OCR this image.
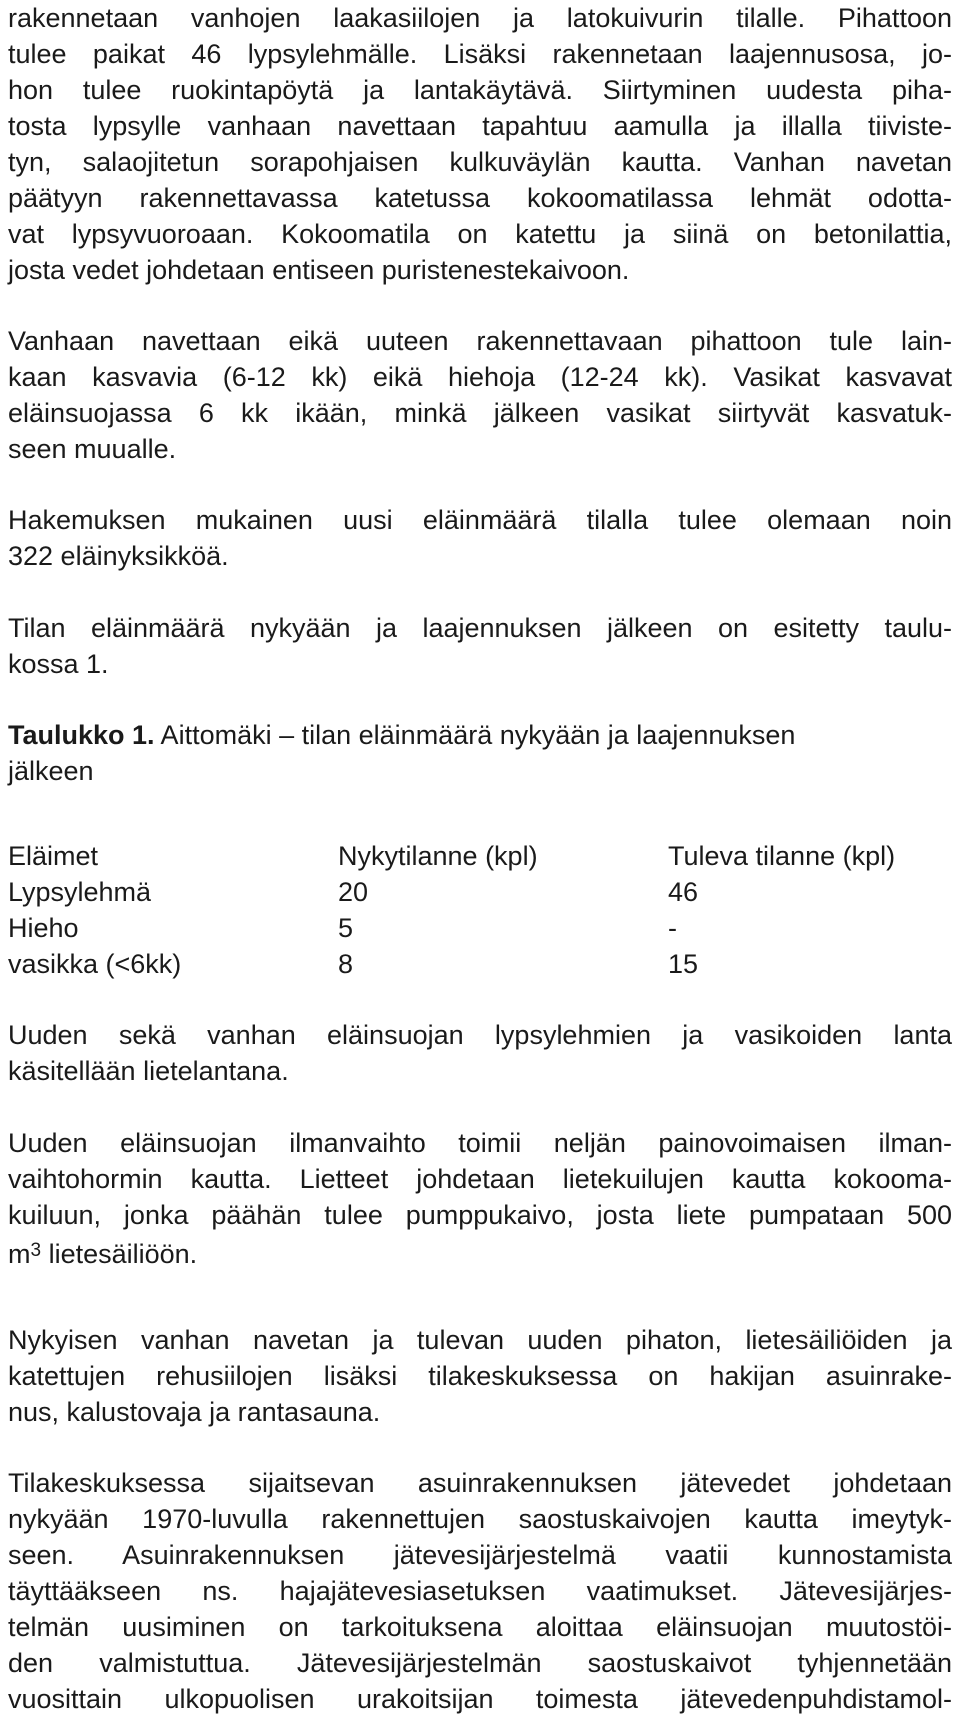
rakennetaan vanhojen laakasiilojen ja latokuivurin tilalle. Pihattoon
tulee paikat 46 lypsylehmälle. Lisäksi rakennetaan laajennusosa, jo-
hon tulee ruokintapöytä ja lantakäytävä. Siirtyminen uudesta piha-
tosta lypsylle vanhaan navettaan tapahtuu aamulla ja illalla tiiviste-
tyn, salaojitetun sorapohjaisen kulkuväylän kautta. Vanhan navetan
päätyyn rakennettavassa katetussa kokoomatilassa lehmät odotta-
vat lypsyvuoroaan. Kokoomatila on katettu ja siinä on betonilattia,
josta vedet johdetaan entiseen puristenestekaivoon.
Vanhaan navettaan eikä uuteen rakennettavaan pihattoon tule lain-
kaan kasvavia (6-12 kk) eikä hiehoja (12-24 kk). Vasikat kasvavat
eläinsuojassa 6 kk ikään, minkä jälkeen vasikat siirtyvät kasvatuk-
seen muualle.
Hakemuksen mukainen uusi eläinmäärä tilalla tulee olemaan noin
322 eläinyksikköä.
Tilan eläinmäärä nykyään ja laajennuksen jälkeen on esitetty taulu-
kossa 1.
Taulukko 1. Aittomäki – tilan eläinmäärä nykyään ja laajennuksen
jälkeen
Eläimet	Nykytilanne (kpl)	Tuleva tilanne (kpl)
Lypsylehmä	20	46
Hieho	5	-
vasikka (<6kk)	8	15
Uuden sekä vanhan eläinsuojan lypsylehmien ja vasikoiden lanta
käsitellään lietelantana.
Uuden eläinsuojan ilmanvaihto toimii neljän painovoimaisen ilman-
vaihtohormin kautta. Lietteet johdetaan lietekuilujen kautta kokooma-
kuiluun, jonka päähän tulee pumppukaivo, josta liete pumpataan 500
$m^3$ lietesäiliöön.
Nykyisen vanhan navetan ja tulevan uuden pihaton, lietesäiliöiden ja
katettujen rehusiilojen lisäksi tilakeskuksessa on hakijan asuinrake-
nus, kalustovaja ja rantasauna.
Tilakeskuksessa sijaitsevan asuinrakennuksen jätevedet johdetaan
nykyään 1970-luvulla rakennettujen saostuskaivojen kautta imeytyk-
seen. Asuinrakennuksen jätevesijärjestelmä vaatii kunnostamista
täyttääkseen ns. hajajätevesiasetuksen vaatimukset. Jätevesijärjes-
telmän uusiminen on tarkoituksena aloittaa eläinsuojan muutostöi-
den valmistuttua. Jätevesijärjestelmän saostuskaivot tyhjennetään
vuosittain ulkopuolisen urakoitsijan toimesta jätevedenpuhdistamol-
